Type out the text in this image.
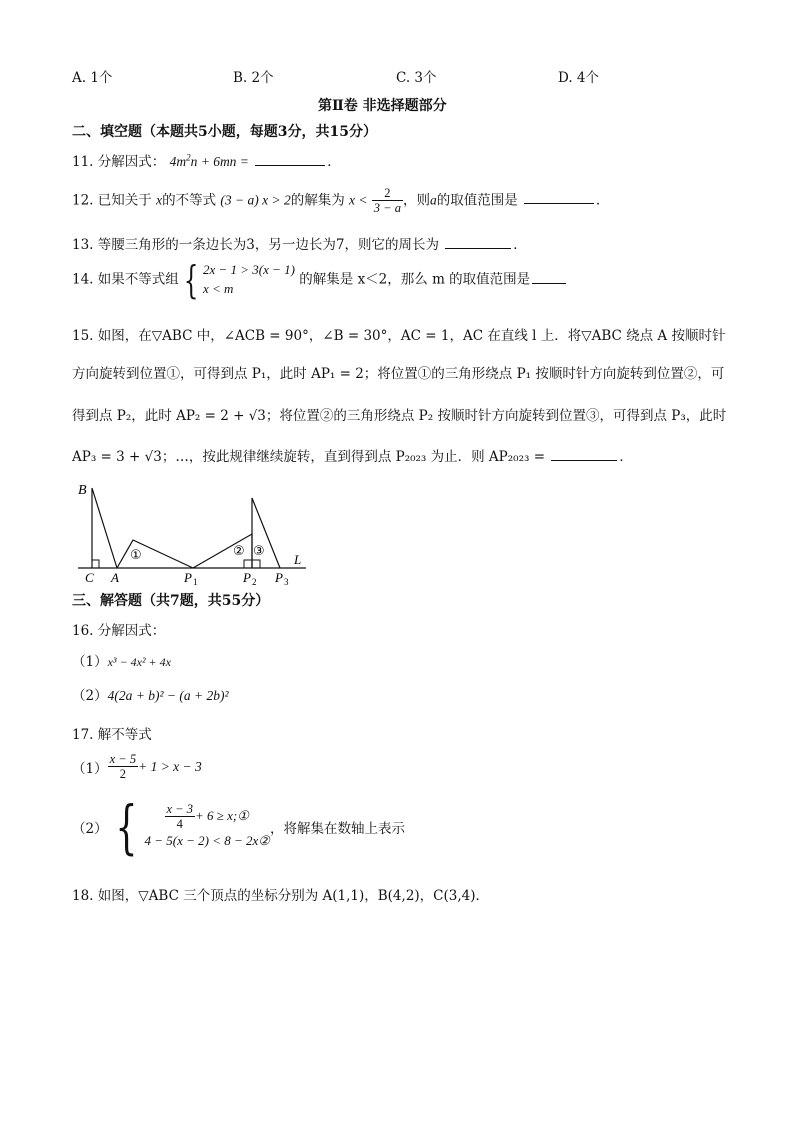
A. 1个	B. 2个	C. 3个	D. 4个
第Ⅱ卷 非选择题部分
二、填空题（本题共5小题，每题3分，共15分）
11. 分解因式： $4m^2n + 6mn$ =	．
12. 已知关于 x的不等式 (3 − a) x > 2的解集为 $x < \frac{2}{3 - a}$ ，则a的取值范围是	．
13. 等腰三角形的一条边长为3，另一边长为7，则它的周长为	．
14. 如果不等式组 { 2x − 1 > 3(x − 1)
x < m 的解集是 x＜2，那么 m 的取值范围是
15. 如图，在▽ABC 中，∠ACB = 90°，∠B = 30°，AC = 1，AC 在直线 l 上．将▽ABC 绕点 A 按顺时针
方向旋转到位置①，可得到点 P₁，此时 AP₁ = 2；将位置①的三角形绕点 P₁ 按顺时针方向旋转到位置②，可
得到点 P₂，此时 AP₂ = 2 + √3；将位置②的三角形绕点 P₂ 按顺时针方向旋转到位置③，可得到点 P₃，此时
AP₃ = 3 + √3；…，按此规律继续旋转，直到得到点 P₂₀₂₃ 为止．则 AP₂₀₂₃ =	．
B
C A	P 1	P 2 P 3
L
①	② ③
三、解答题（共7题，共55分）
16. 分解因式：
（1）x³ − 4x² + 4x
（2）4(2a + b)² − (a + 2b)²
17. 解不等式
$(1) \frac{x - 5}{2} + 1 > x - 3$
（2） { $\frac{x - 3}{4} + 6$ ≥ x;①
4 − 5(x − 2) < 8 − 2x②，将解集在数轴上表示
18. 如图，▽ABC 三个顶点的坐标分别为 A(1,1)，B(4,2)，C(3,4)．
